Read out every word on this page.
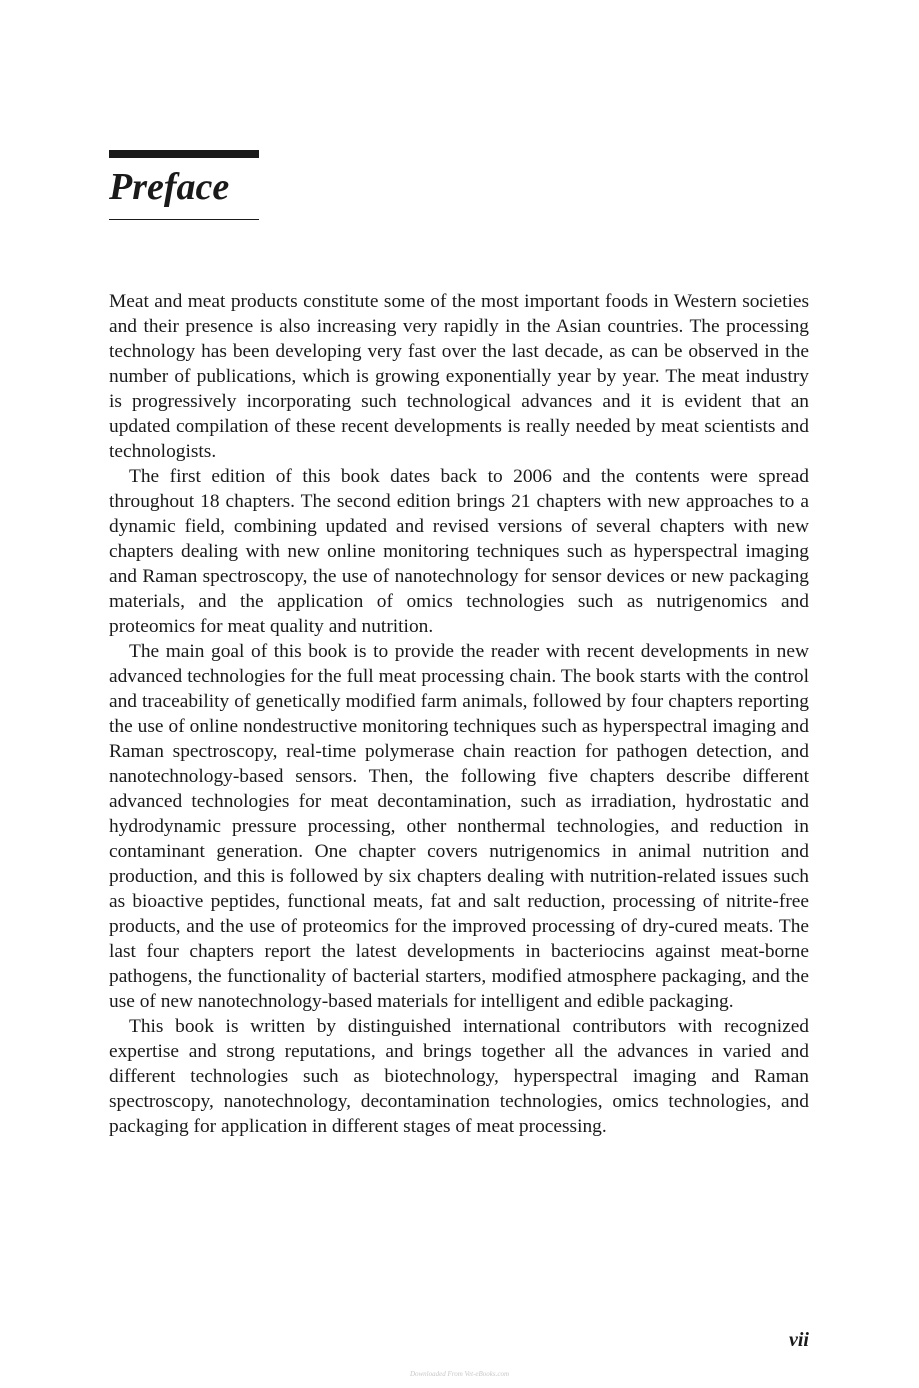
Preface

Meat and meat products constitute some of the most important foods in Western societies and their presence is also increasing very rapidly in the Asian countries. The processing technology has been developing very fast over the last decade, as can be observed in the number of publications, which is growing exponentially year by year. The meat industry is progressively incorporating such technological advances and it is evident that an updated compilation of these recent developments is really needed by meat scientists and technologists.

The first edition of this book dates back to 2006 and the contents were spread throughout 18 chapters. The second edition brings 21 chapters with new approaches to a dynamic field, combining updated and revised versions of several chapters with new chapters dealing with new online monitoring techniques such as hyperspectral imaging and Raman spectroscopy, the use of nanotechnology for sensor devices or new packaging materials, and the application of omics technologies such as nutrigenomics and proteomics for meat quality and nutrition.

The main goal of this book is to provide the reader with recent developments in new advanced technologies for the full meat processing chain. The book starts with the control and traceability of genetically modified farm animals, followed by four chapters reporting the use of online nondestructive monitoring techniques such as hyperspectral imaging and Raman spectroscopy, real-time polymerase chain reaction for pathogen detection, and nanotechnology-based sensors. Then, the following five chapters describe different advanced technologies for meat decontamination, such as irradiation, hydrostatic and hydrodynamic pressure processing, other nonthermal technologies, and reduction in contaminant generation. One chapter covers nutrigenomics in animal nutrition and production, and this is followed by six chapters dealing with nutrition-related issues such as bioactive peptides, functional meats, fat and salt reduction, processing of nitrite-free products, and the use of proteomics for the improved processing of dry-cured meats. The last four chapters report the latest developments in bacteriocins against meat-borne pathogens, the functionality of bacterial starters, modified atmosphere packaging, and the use of new nanotechnology-based materials for intelligent and edible packaging.

This book is written by distinguished international contributors with recognized expertise and strong reputations, and brings together all the advances in varied and different technologies such as biotechnology, hyperspectral imaging and Raman spectroscopy, nanotechnology, decontamination technologies, omics technologies, and packaging for application in different stages of meat processing.

vii
Downloaded From Vet-eBooks.com
